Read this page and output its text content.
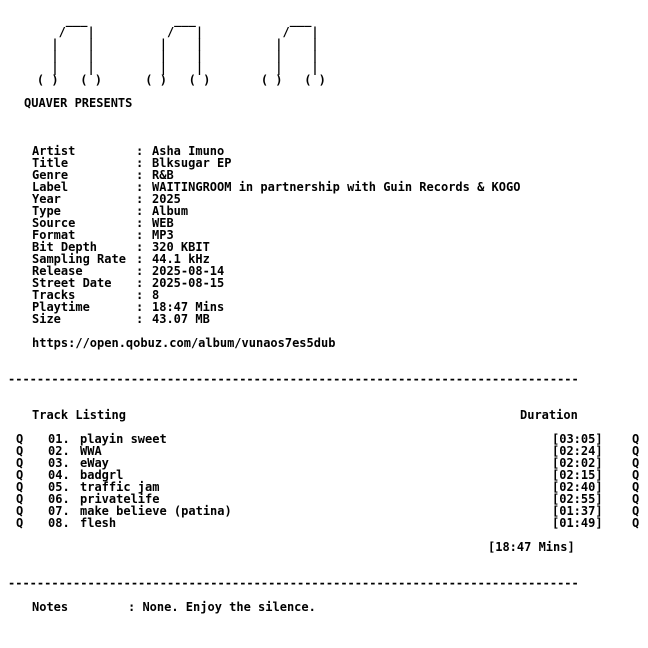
___            ___             ___
/   |          /   |           /   |
|    |         |    |          |    |
|    |         |    |          |    |
|    |         |    |          |    |
( )   ( )      ( )   ( )       ( )   ( )
QUAVER PRESENTS
Artist	: Asha Imuno
Title	: Blksugar EP
Genre	: R&B
Label	: WAITINGROOM in partnership with Guin Records & KOGO
Year	: 2025
Type	: Album
Source	: WEB
Format	: MP3
Bit Depth	: 320 KBIT
Sampling Rate : 44.1 kHz
Release	: 2025-08-14
Street Date : 2025-08-15
Tracks	: 8
Playtime	: 18:47 Mins
Size	: 43.07 MB
https://open.qobuz.com/album/vunaos7es5dub
-------------------------------------------------------------------------------
Track Listing	Duration
Q 01. playin sweet	[03:05] Q
Q 02. WWA	[02:24] Q
Q 03. eWay	[02:02] Q
Q 04. badgrl	[02:15] Q
Q 05. traffic jam	[02:40] Q
Q 06. privatelife	[02:55] Q
Q 07. make believe (patina)	[01:37] Q
Q 08. flesh	[01:49] Q
[18:47 Mins]
-------------------------------------------------------------------------------
Notes	: None. Enjoy the silence.
